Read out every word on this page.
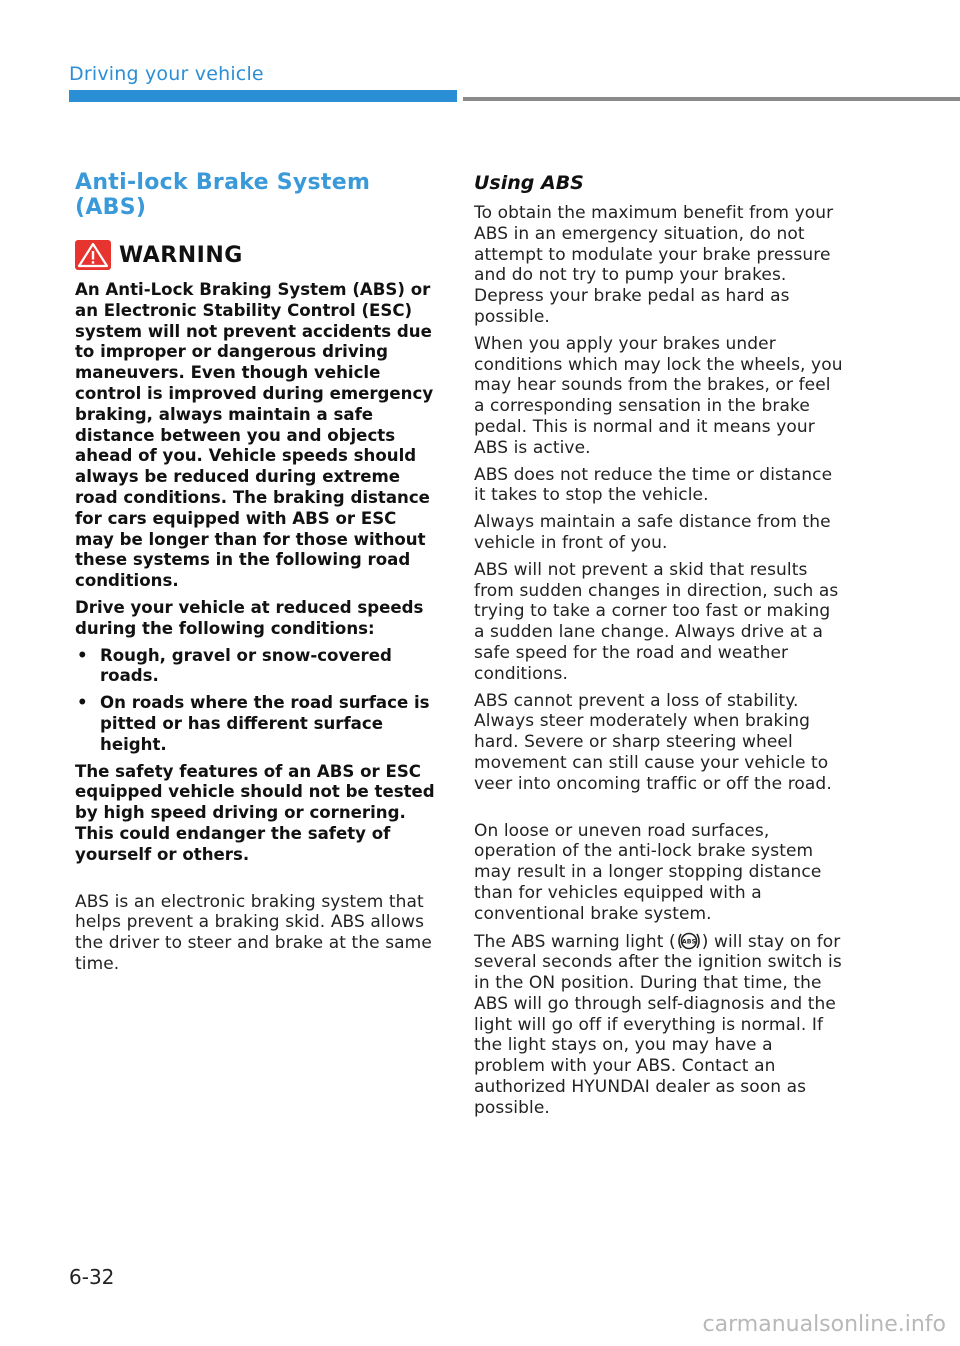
Driving your vehicle
Anti-lock Brake System (ABS)
WARNING

An Anti-Lock Braking System (ABS) or an Electronic Stability Control (ESC) system will not prevent accidents due to improper or dangerous driving maneuvers. Even though vehicle control is improved during emergency braking, always maintain a safe distance between you and objects ahead of you. Vehicle speeds should always be reduced during extreme road conditions. The braking distance for cars equipped with ABS or ESC may be longer than for those without these systems in the following road conditions.

Drive your vehicle at reduced speeds during the following conditions:

• Rough, gravel or snow-covered roads.
• On roads where the road surface is pitted or has different surface height.

The safety features of an ABS or ESC equipped vehicle should not be tested by high speed driving or cornering. This could endanger the safety of yourself or others.

ABS is an electronic braking system that helps prevent a braking skid. ABS allows the driver to steer and brake at the same time.

Using ABS

To obtain the maximum benefit from your ABS in an emergency situation, do not attempt to modulate your brake pressure and do not try to pump your brakes. Depress your brake pedal as hard as possible.

When you apply your brakes under conditions which may lock the wheels, you may hear sounds from the brakes, or feel a corresponding sensation in the brake pedal. This is normal and it means your ABS is active.

ABS does not reduce the time or distance it takes to stop the vehicle.

Always maintain a safe distance from the vehicle in front of you.

ABS will not prevent a skid that results from sudden changes in direction, such as trying to take a corner too fast or making a sudden lane change. Always drive at a safe speed for the road and weather conditions.

ABS cannot prevent a loss of stability. Always steer moderately when braking hard. Severe or sharp steering wheel movement can still cause your vehicle to veer into oncoming traffic or off the road.

On loose or uneven road surfaces, operation of the anti-lock brake system may result in a longer stopping distance than for vehicles equipped with a conventional brake system.

The ABS warning light ( ABS ) will stay on for several seconds after the ignition switch is in the ON position. During that time, the ABS will go through self-diagnosis and the light will go off if everything is normal. If the light stays on, you may have a problem with your ABS. Contact an authorized HYUNDAI dealer as soon as possible.

6-32
carmanualsonline.info
